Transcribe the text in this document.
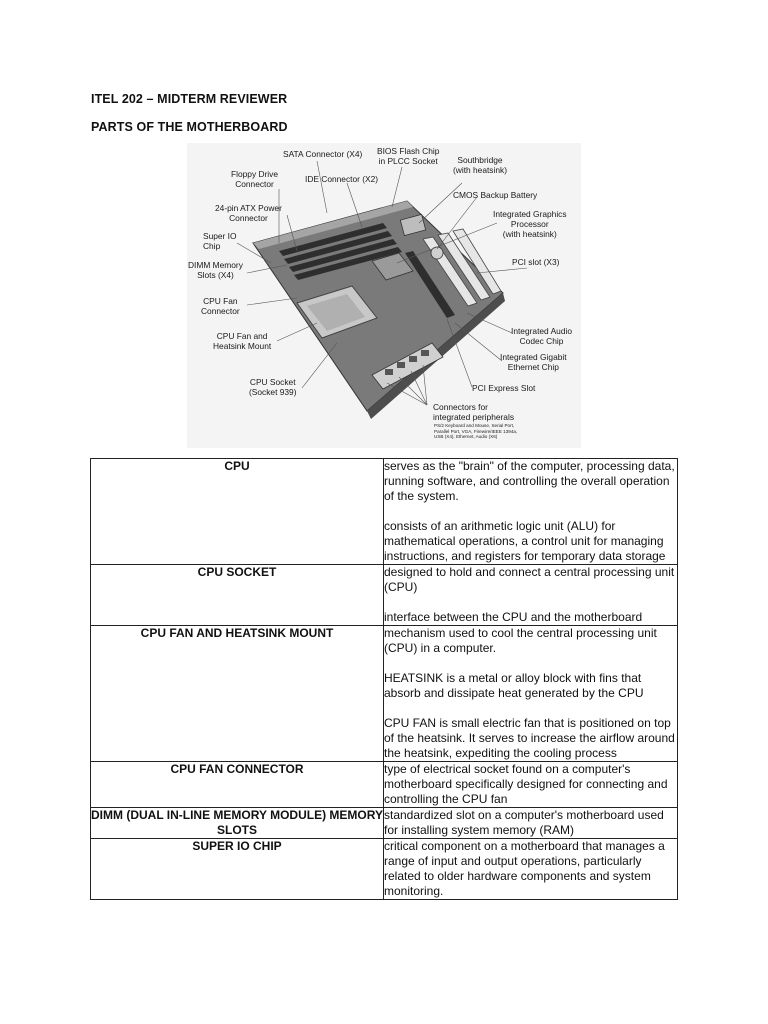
ITEL 202 – MIDTERM REVIEWER
PARTS OF THE MOTHERBOARD
SATA Connector (X4) BIOS Flash Chip
in PLCC Socket	Southbridge
(with heatsink)
Floppy Drive
Connector	IDE Connector (X2)
CMOS Backup Battery
24-pin ATX Power
Connector	Integrated Graphics
Processor
(with heatsink)
Super IO
Chip
DIMM Memory
Slots (X4)
PCI slot (X3)
CPU Fan
Connector
CPU Fan and
Heatsink Mount
Integrated Audio
Codec Chip
Integrated Gigabit
Ethernet Chip
CPU Socket
(Socket 939)	PCI Express Slot
Connectors for
integrated peripherals
PS/2 Keyboard and Mouse, Serial Port,
Parallel Port, VGA, Firewire/IEEE 1394a,
USB (X4), Ethernet, Audio (X6)
CPU	serves as the "brain" of the computer, processing data, running software, and controlling the overall operation of the system.
consists of an arithmetic logic unit (ALU) for mathematical operations, a control unit for managing instructions, and registers for temporary data storage

CPU SOCKET	designed to hold and connect a central processing unit (CPU)
interface between the CPU and the motherboard

CPU FAN AND HEATSINK MOUNT	mechanism used to cool the central processing unit (CPU) in a computer.
HEATSINK is a metal or alloy block with fins that absorb and dissipate heat generated by the CPU
CPU FAN is small electric fan that is positioned on top of the heatsink. It serves to increase the airflow around the heatsink, expediting the cooling process

CPU FAN CONNECTOR	type of electrical socket found on a computer's motherboard specifically designed for connecting and controlling the CPU fan

DIMM (DUAL IN-LINE MEMORY MODULE) MEMORY SLOTS	standardized slot on a computer's motherboard used for installing system memory (RAM)

SUPER IO CHIP	critical component on a motherboard that manages a range of input and output operations, particularly related to older hardware components and system monitoring.
